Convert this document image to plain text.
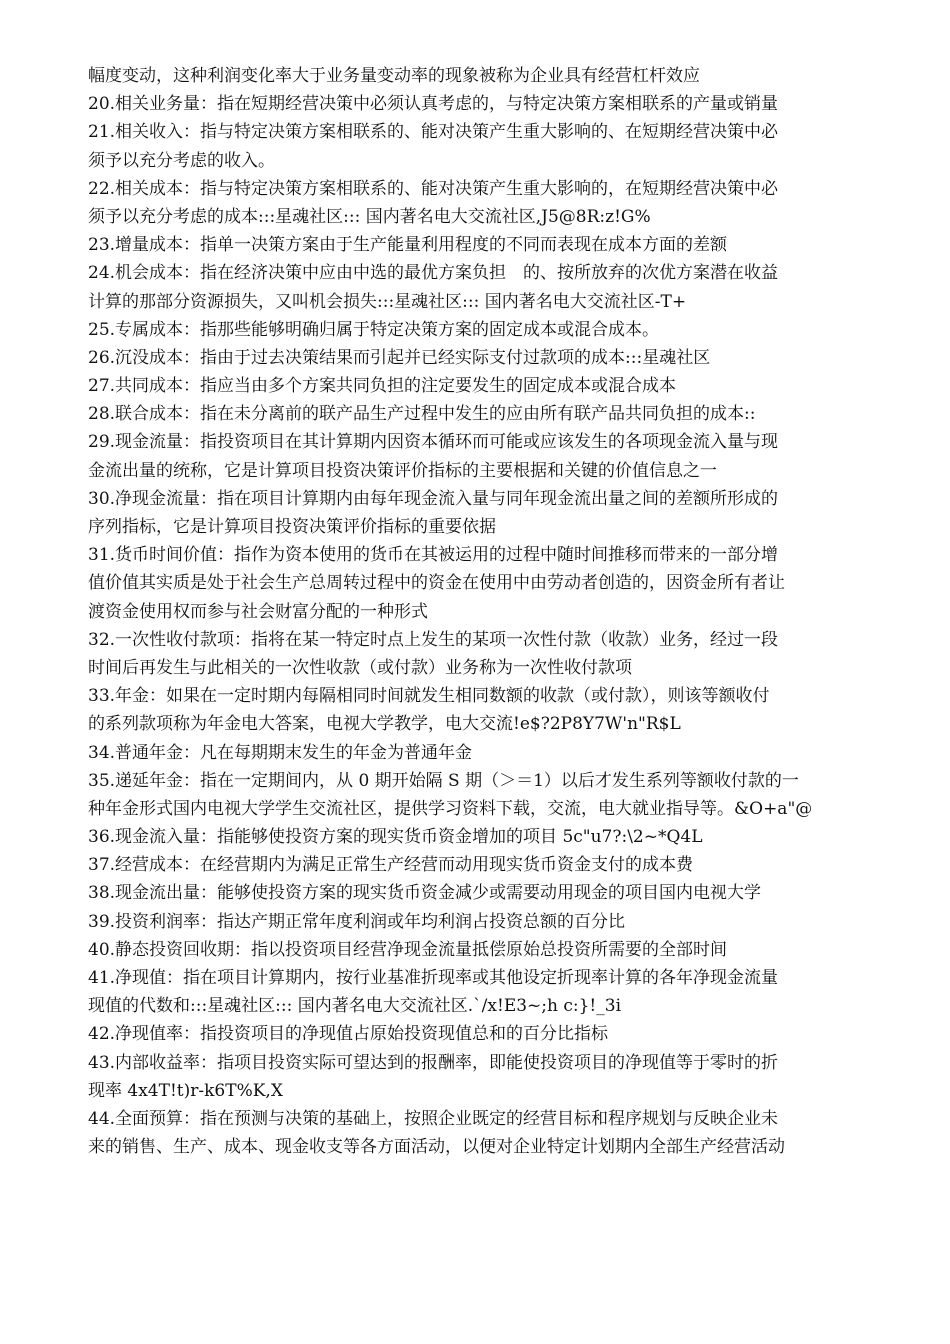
幅度变动，这种利润变化率大于业务量变动率的现象被称为企业具有经营杠杆效应
20.相关业务量：指在短期经营决策中必须认真考虑的，与特定决策方案相联系的产量或销量
21.相关收入：指与特定决策方案相联系的、能对决策产生重大影响的、在短期经营决策中必
须予以充分考虑的收入。
22.相关成本：指与特定决策方案相联系的、能对决策产生重大影响的，在短期经营决策中必
须予以充分考虑的成本:::星魂社区::: 国内著名电大交流社区,J5@8R:z!G%
23.增量成本：指单一决策方案由于生产能量利用程度的不同而表现在成本方面的差额
24.机会成本：指在经济决策中应由中选的最优方案负担　的、按所放弃的次优方案潜在收益
计算的那部分资源损失，又叫机会损失:::星魂社区::: 国内著名电大交流社区-T+
25.专属成本：指那些能够明确归属于特定决策方案的固定成本或混合成本。
26.沉没成本：指由于过去决策结果而引起并已经实际支付过款项的成本:::星魂社区
27.共同成本：指应当由多个方案共同负担的注定要发生的固定成本或混合成本
28.联合成本：指在未分离前的联产品生产过程中发生的应由所有联产品共同负担的成本::
29.现金流量：指投资项目在其计算期内因资本循环而可能或应该发生的各项现金流入量与现
金流出量的统称，它是计算项目投资决策评价指标的主要根据和关键的价值信息之一
30.净现金流量：指在项目计算期内由每年现金流入量与同年现金流出量之间的差额所形成的
序列指标，它是计算项目投资决策评价指标的重要依据
31.货币时间价值：指作为资本使用的货币在其被运用的过程中随时间推移而带来的一部分增
值价值其实质是处于社会生产总周转过程中的资金在使用中由劳动者创造的，因资金所有者让
渡资金使用权而参与社会财富分配的一种形式
32.一次性收付款项：指将在某一特定时点上发生的某项一次性付款（收款）业务，经过一段
时间后再发生与此相关的一次性收款（或付款）业务称为一次性收付款项
33.年金：如果在一定时期内每隔相同时间就发生相同数额的收款（或付款），则该等额收付
的系列款项称为年金电大答案，电视大学教学，电大交流!e$?2P8Y7W'n"R$L
34.普通年金：凡在每期期末发生的年金为普通年金
35.递延年金：指在一定期间内，从 0 期开始隔 S 期（＞＝1）以后才发生系列等额收付款的一
种年金形式国内电视大学学生交流社区，提供学习资料下载，交流，电大就业指导等。&O+a"@
36.现金流入量：指能够使投资方案的现实货币资金增加的项目 5c"u7?:\2~*Q4L
37.经营成本：在经营期内为满足正常生产经营而动用现实货币资金支付的成本费
38.现金流出量：能够使投资方案的现实货币资金减少或需要动用现金的项目国内电视大学
39.投资利润率：指达产期正常年度利润或年均利润占投资总额的百分比
40.静态投资回收期：指以投资项目经营净现金流量抵偿原始总投资所需要的全部时间
41.净现值：指在项目计算期内，按行业基准折现率或其他设定折现率计算的各年净现金流量
现值的代数和:::星魂社区::: 国内著名电大交流社区.`/x!E3~;h c:}!_3i
42.净现值率：指投资项目的净现值占原始投资现值总和的百分比指标
43.内部收益率：指项目投资实际可望达到的报酬率，即能使投资项目的净现值等于零时的折
现率 4x4T!t)r-k6T%K,X
44.全面预算：指在预测与决策的基础上，按照企业既定的经营目标和程序规划与反映企业未
来的销售、生产、成本、现金收支等各方面活动，以便对企业特定计划期内全部生产经营活动
